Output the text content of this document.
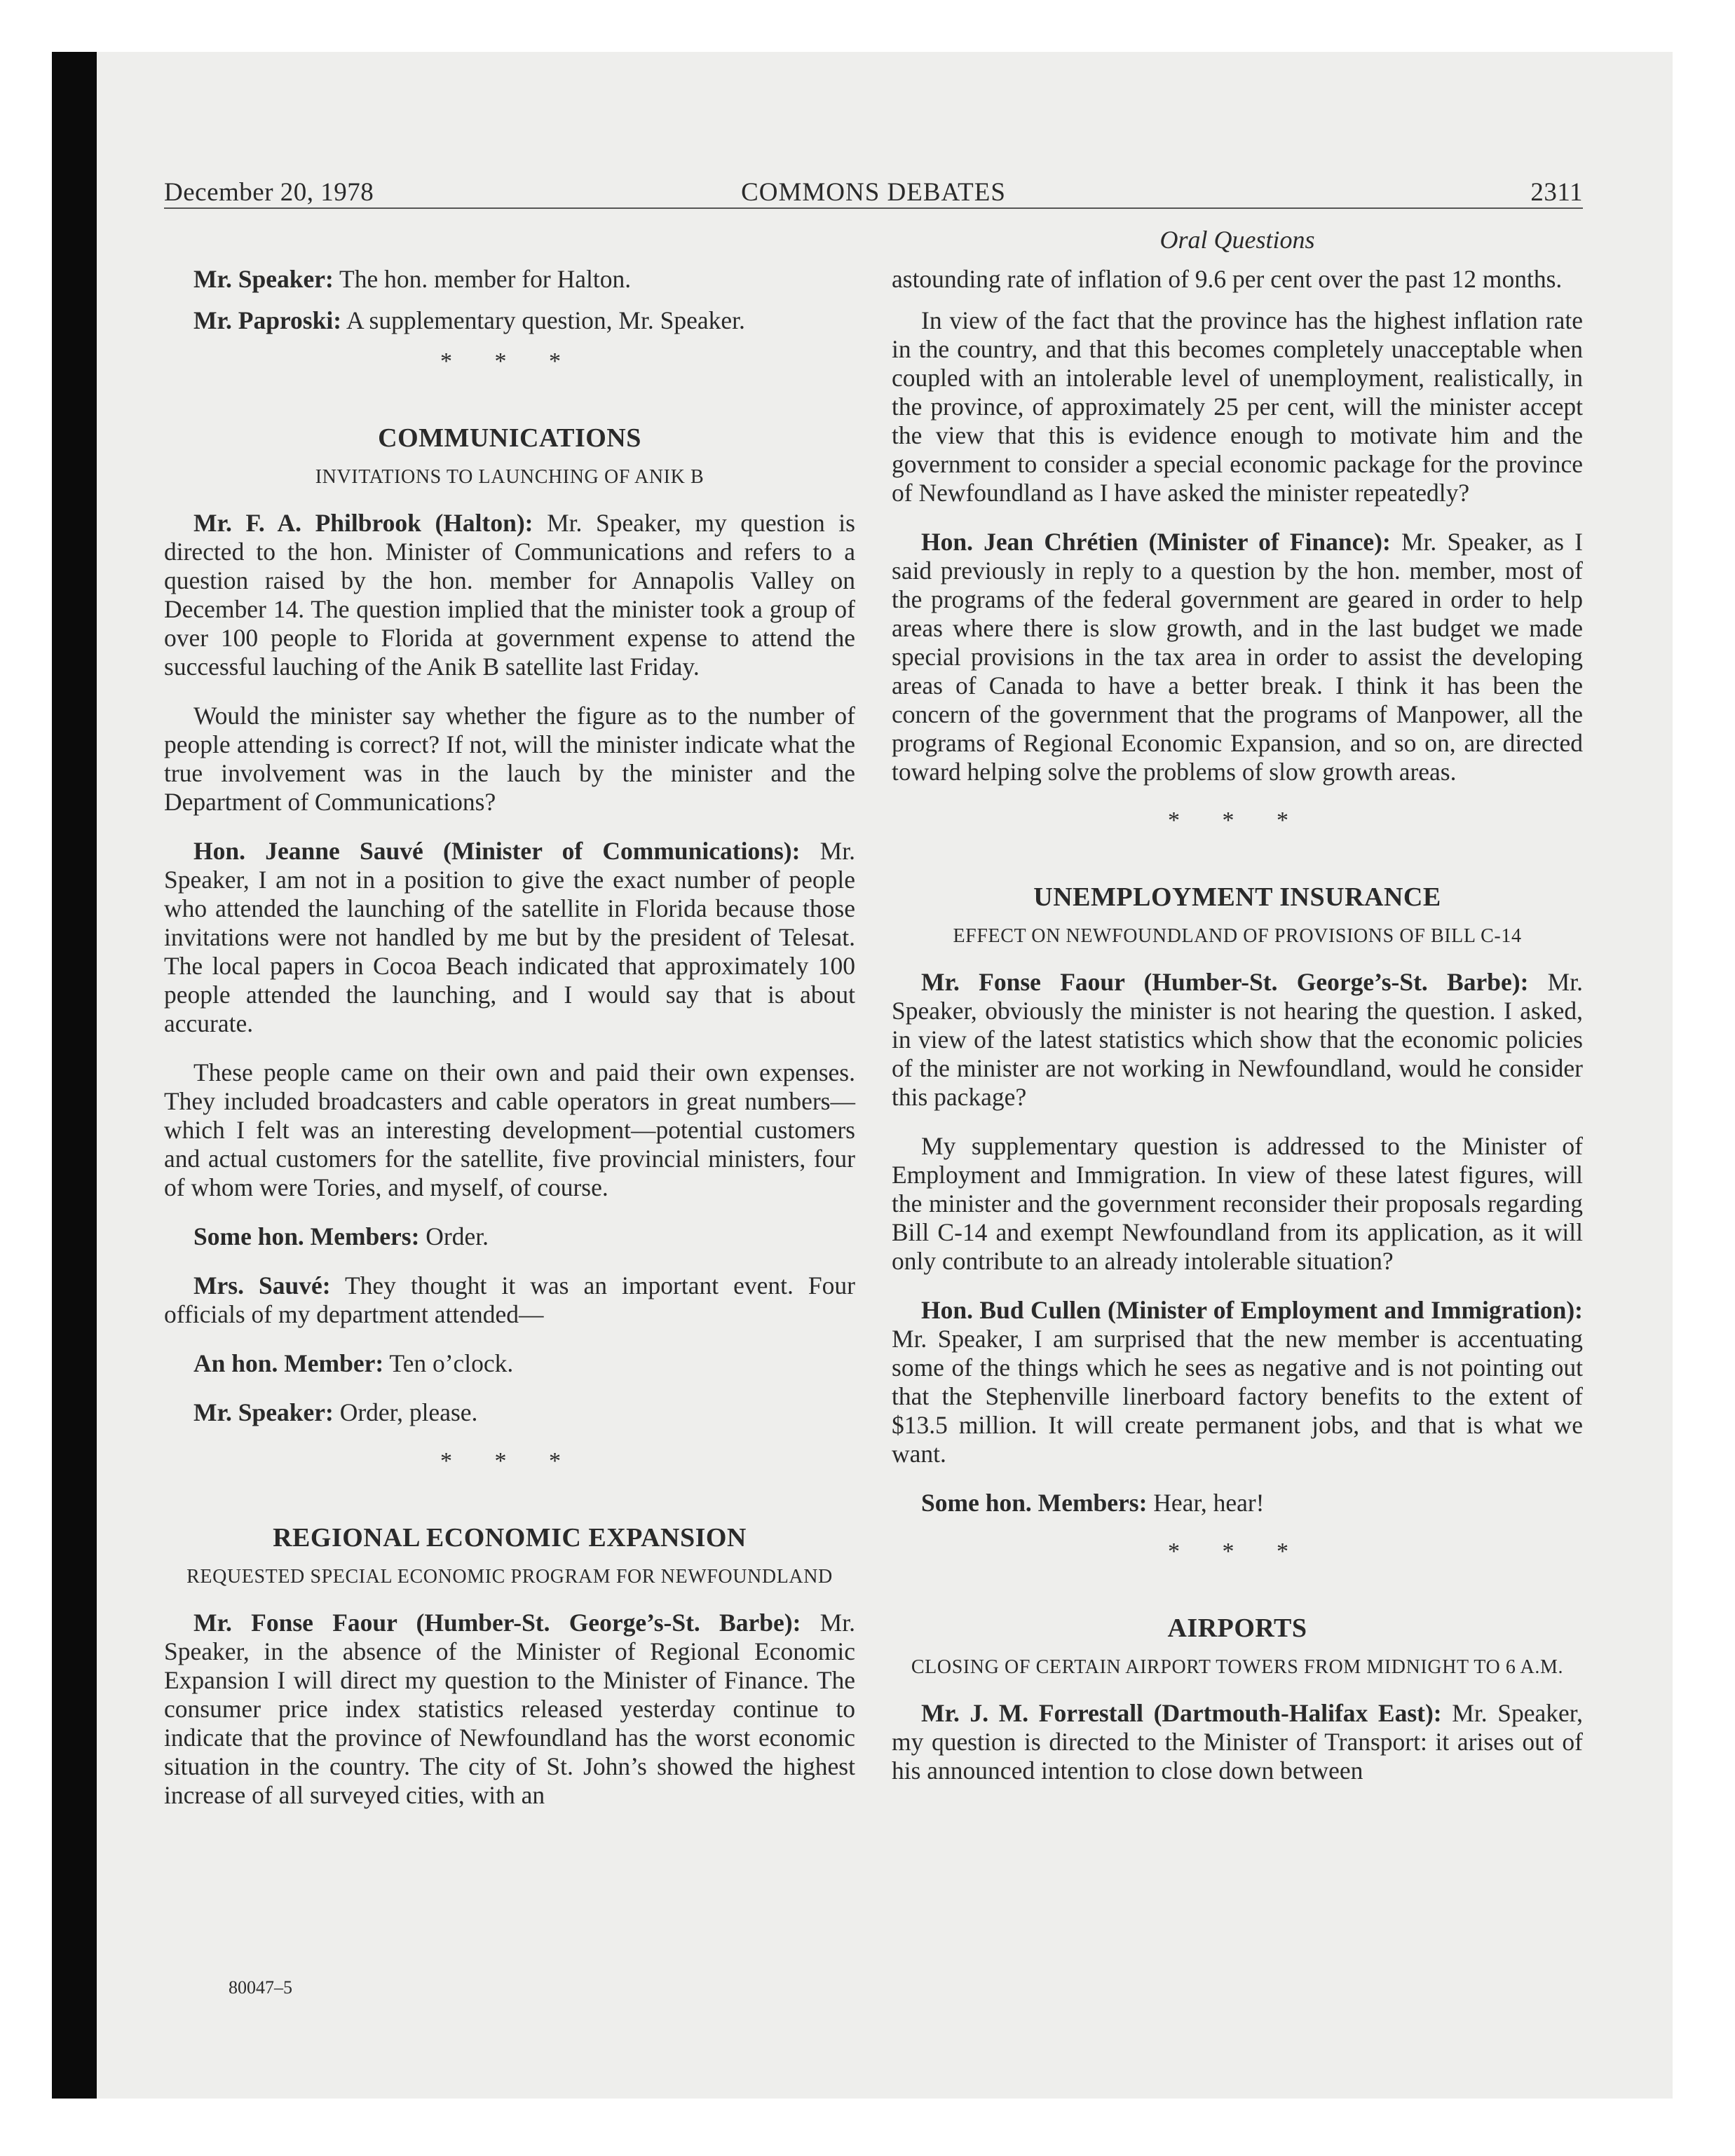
December 20, 1978	COMMONS DEBATES	2311
Oral Questions

Mr. Speaker: The hon. member for Halton.

Mr. Paproski: A supplementary question, Mr. Speaker.

* * *
COMMUNICATIONS
INVITATIONS TO LAUNCHING OF ANIK B

Mr. F. A. Philbrook (Halton): Mr. Speaker, my question is directed to the hon. Minister of Communications and refers to a question raised by the hon. member for Annapolis Valley on December 14. The question implied that the minister took a group of over 100 people to Florida at government expense to attend the successful lauching of the Anik B satellite last Friday.

Would the minister say whether the figure as to the number of people attending is correct? If not, will the minister indicate what the true involvement was in the lauch by the minister and the Department of Communications?

Hon. Jeanne Sauvé (Minister of Communications): Mr. Speaker, I am not in a position to give the exact number of people who attended the launching of the satellite in Florida because those invitations were not handled by me but by the president of Telesat. The local papers in Cocoa Beach indicated that approximately 100 people attended the launching, and I would say that is about accurate.

These people came on their own and paid their own expenses. They included broadcasters and cable operators in great numbers—which I felt was an interesting development—potential customers and actual customers for the satellite, five provincial ministers, four of whom were Tories, and myself, of course.

Some hon. Members: Order.

Mrs. Sauvé: They thought it was an important event. Four officials of my department attended—

An hon. Member: Ten o’clock.

Mr. Speaker: Order, please.

* * *
REGIONAL ECONOMIC EXPANSION
REQUESTED SPECIAL ECONOMIC PROGRAM FOR NEWFOUNDLAND

Mr. Fonse Faour (Humber-St. George’s-St. Barbe): Mr. Speaker, in the absence of the Minister of Regional Economic Expansion I will direct my question to the Minister of Finance. The consumer price index statistics released yesterday continue to indicate that the province of Newfoundland has the worst economic situation in the country. The city of St. John’s showed the highest increase of all surveyed cities, with an

astounding rate of inflation of 9.6 per cent over the past 12 months.

In view of the fact that the province has the highest inflation rate in the country, and that this becomes completely unacceptable when coupled with an intolerable level of unemployment, realistically, in the province, of approximately 25 per cent, will the minister accept the view that this is evidence enough to motivate him and the government to consider a special economic package for the province of Newfoundland as I have asked the minister repeatedly?

Hon. Jean Chrétien (Minister of Finance): Mr. Speaker, as I said previously in reply to a question by the hon. member, most of the programs of the federal government are geared in order to help areas where there is slow growth, and in the last budget we made special provisions in the tax area in order to assist the developing areas of Canada to have a better break. I think it has been the concern of the government that the programs of Manpower, all the programs of Regional Economic Expansion, and so on, are directed toward helping solve the problems of slow growth areas.

* * *
UNEMPLOYMENT INSURANCE
EFFECT ON NEWFOUNDLAND OF PROVISIONS OF BILL C-14

Mr. Fonse Faour (Humber-St. George’s-St. Barbe): Mr. Speaker, obviously the minister is not hearing the question. I asked, in view of the latest statistics which show that the economic policies of the minister are not working in Newfoundland, would he consider this package?

My supplementary question is addressed to the Minister of Employment and Immigration. In view of these latest figures, will the minister and the government reconsider their proposals regarding Bill C-14 and exempt Newfoundland from its application, as it will only contribute to an already intolerable situation?

Hon. Bud Cullen (Minister of Employment and Immigration): Mr. Speaker, I am surprised that the new member is accentuating some of the things which he sees as negative and is not pointing out that the Stephenville linerboard factory benefits to the extent of $13.5 million. It will create permanent jobs, and that is what we want.

Some hon. Members: Hear, hear!

* * *
AIRPORTS
CLOSING OF CERTAIN AIRPORT TOWERS FROM MIDNIGHT TO 6 A.M.

Mr. J. M. Forrestall (Dartmouth-Halifax East): Mr. Speaker, my question is directed to the Minister of Transport: it arises out of his announced intention to close down between

80047–5
